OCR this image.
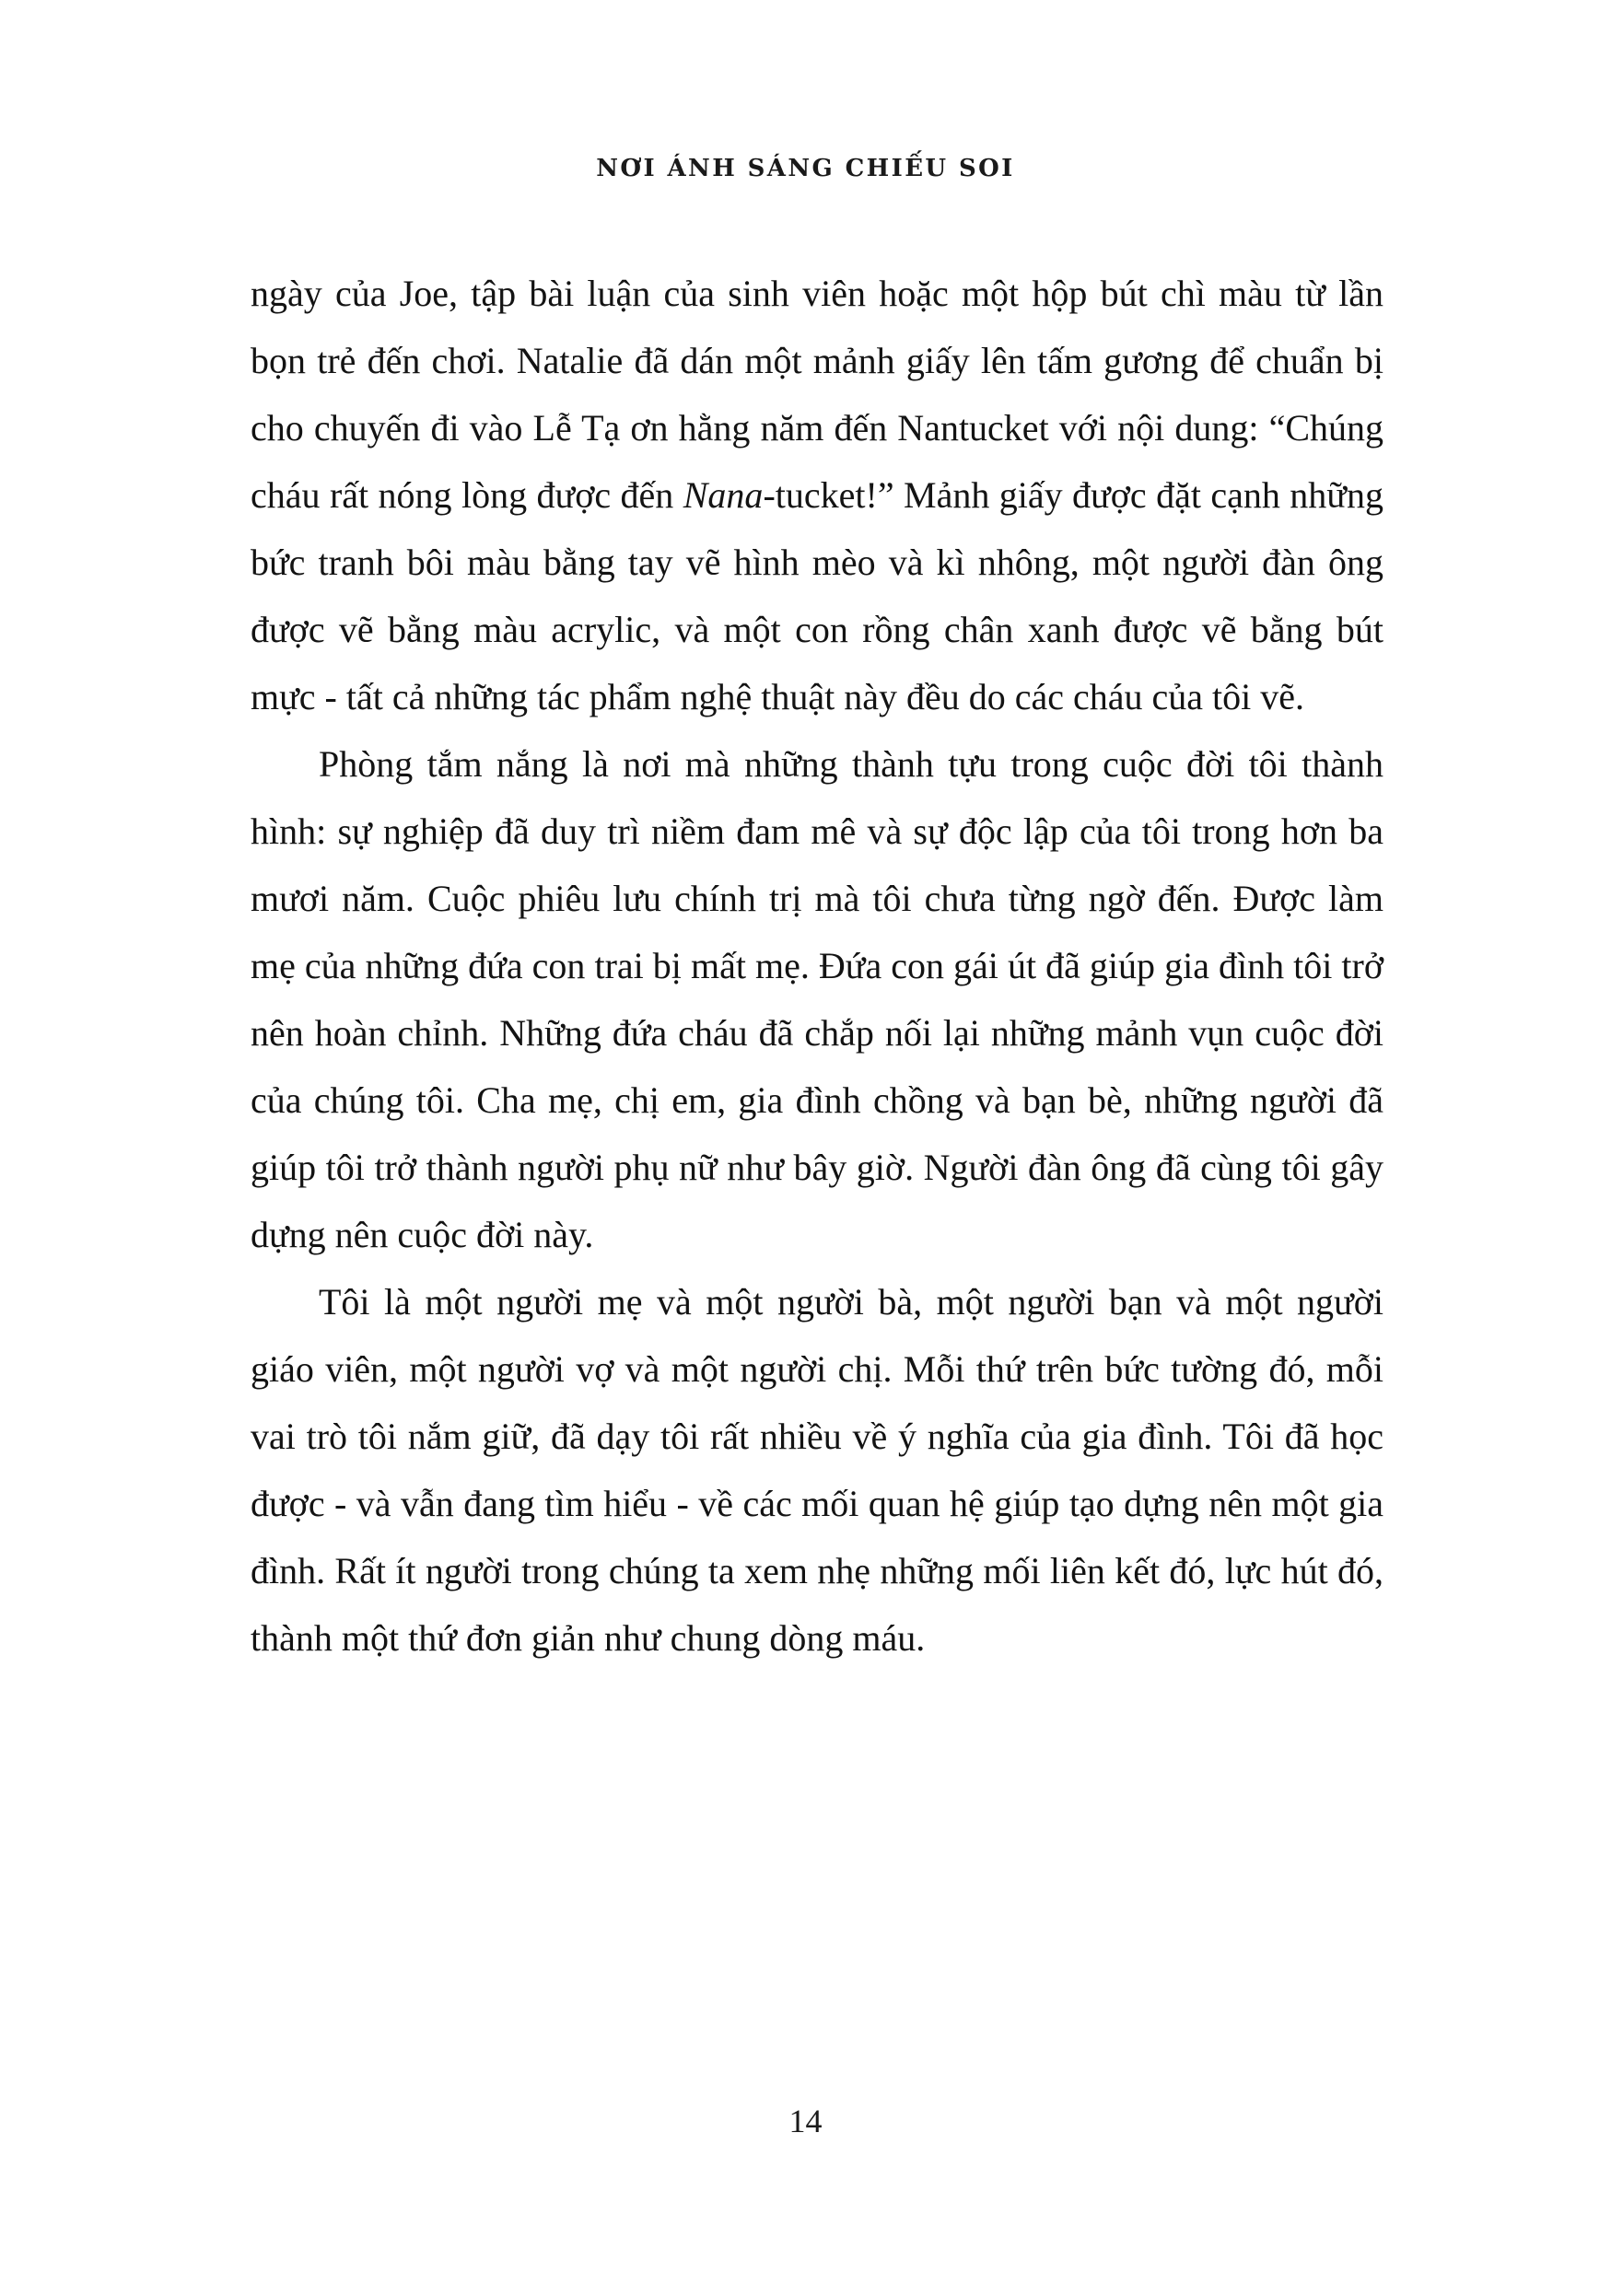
NƠI ÁNH SÁNG CHIẾU SOI

ngày của Joe, tập bài luận của sinh viên hoặc một hộp bút chì màu từ lần bọn trẻ đến chơi. Natalie đã dán một mảnh giấy lên tấm gương để chuẩn bị cho chuyến đi vào Lễ Tạ ơn hằng năm đến Nantucket với nội dung: “Chúng cháu rất nóng lòng được đến Nana-tucket!” Mảnh giấy được đặt cạnh những bức tranh bôi màu bằng tay vẽ hình mèo và kì nhông, một người đàn ông được vẽ bằng màu acrylic, và một con rồng chân xanh được vẽ bằng bút mực - tất cả những tác phẩm nghệ thuật này đều do các cháu của tôi vẽ.

Phòng tắm nắng là nơi mà những thành tựu trong cuộc đời tôi thành hình: sự nghiệp đã duy trì niềm đam mê và sự độc lập của tôi trong hơn ba mươi năm. Cuộc phiêu lưu chính trị mà tôi chưa từng ngờ đến. Được làm mẹ của những đứa con trai bị mất mẹ. Đứa con gái út đã giúp gia đình tôi trở nên hoàn chỉnh. Những đứa cháu đã chắp nối lại những mảnh vụn cuộc đời của chúng tôi. Cha mẹ, chị em, gia đình chồng và bạn bè, những người đã giúp tôi trở thành người phụ nữ như bây giờ. Người đàn ông đã cùng tôi gây dựng nên cuộc đời này.

Tôi là một người mẹ và một người bà, một người bạn và một người giáo viên, một người vợ và một người chị. Mỗi thứ trên bức tường đó, mỗi vai trò tôi nắm giữ, đã dạy tôi rất nhiều về ý nghĩa của gia đình. Tôi đã học được - và vẫn đang tìm hiểu - về các mối quan hệ giúp tạo dựng nên một gia đình. Rất ít người trong chúng ta xem nhẹ những mối liên kết đó, lực hút đó, thành một thứ đơn giản như chung dòng máu.

14
